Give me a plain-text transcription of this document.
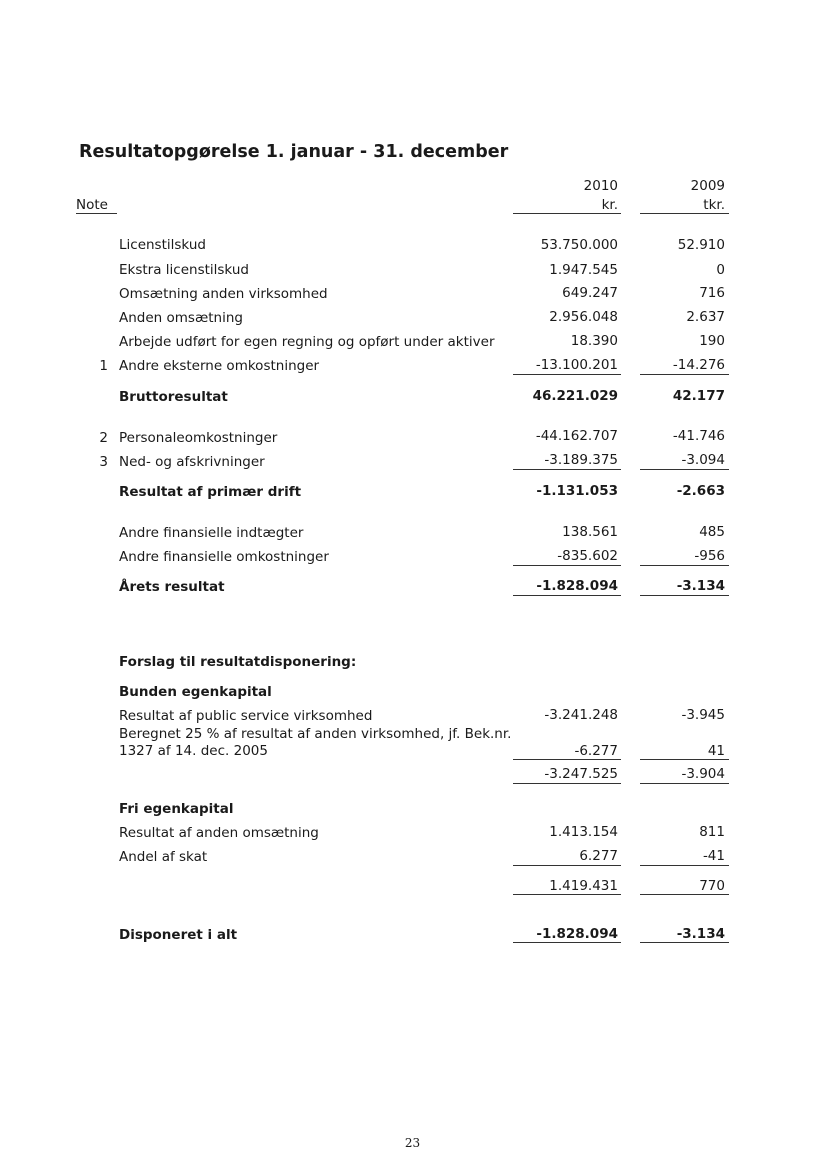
Resultatopgørelse 1. januar - 31. december
Note
2010
kr.
2009
tkr.
Licenstilskud	53.750.000	52.910
Ekstra licenstilskud	1.947.545	0
Omsætning anden virksomhed	649.247	716
Anden omsætning	2.956.048	2.637
Arbejde udført for egen regning og opført under aktiver	18.390	190
1 Andre eksterne omkostninger	-13.100.201	-14.276
Bruttoresultat	46.221.029	42.177
2 Personaleomkostninger	-44.162.707	-41.746
3 Ned- og afskrivninger	-3.189.375	-3.094
Resultat af primær drift	-1.131.053	-2.663
Andre finansielle indtægter	138.561	485
Andre finansielle omkostninger	-835.602	-956
Årets resultat	-1.828.094	-3.134
Forslag til resultatdisponering:
Bunden egenkapital
Resultat af public service virksomhed	-3.241.248	-3.945
Beregnet 25 % af resultat af anden virksomhed, jf. Bek.nr.
1327 af 14. dec. 2005	-6.277	41
-3.247.525	-3.904
Fri egenkapital
Resultat af anden omsætning	1.413.154	811
Andel af skat	6.277	-41
1.419.431	770
Disponeret i alt	-1.828.094	-3.134
23
